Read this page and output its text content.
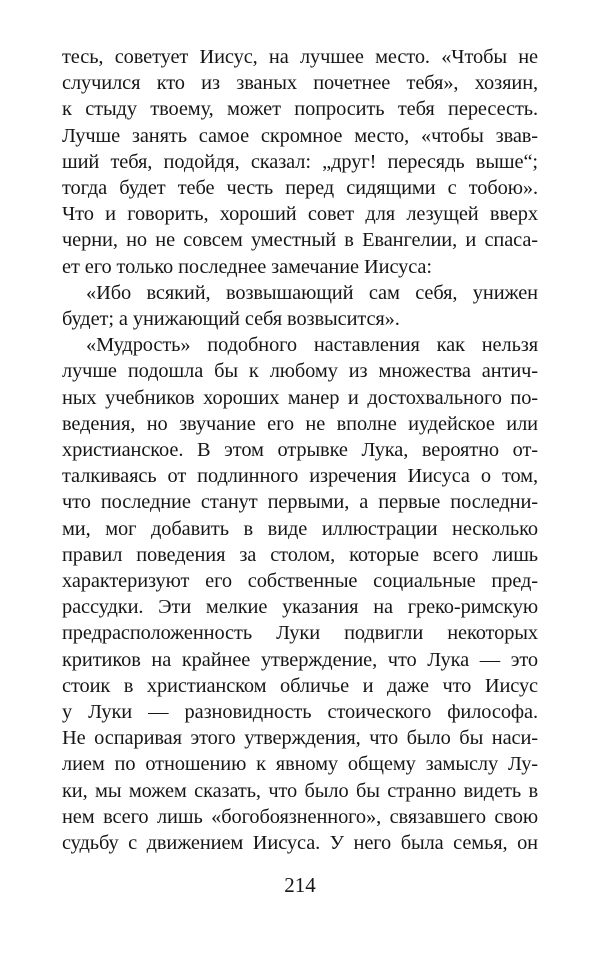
тесь, советует Иисус, на лучшее место. «Чтобы не
случился кто из званых почетнее тебя», хозяин,
к стыду твоему, может попросить тебя пересесть.
Лучше занять самое скромное место, «чтобы звав-
ший тебя, подойдя, сказал: „друг! пересядь выше“;
тогда будет тебе честь перед сидящими с тобою».
Что и говорить, хороший совет для лезущей вверх
черни, но не совсем уместный в Евангелии, и спаса-
ет его только последнее замечание Иисуса:
«Ибо всякий, возвышающий сам себя, унижен
будет; а унижающий себя возвысится».
«Мудрость» подобного наставления как нельзя
лучше подошла бы к любому из множества антич-
ных учебников хороших манер и достохвального по-
ведения, но звучание его не вполне иудейское или
христианское. В этом отрывке Лука, вероятно от-
талкиваясь от подлинного изречения Иисуса о том,
что последние станут первыми, а первые последни-
ми, мог добавить в виде иллюстрации несколько
правил поведения за столом, которые всего лишь
характеризуют его собственные социальные пред-
рассудки. Эти мелкие указания на греко-римскую
предрасположенность Луки подвигли некоторых
критиков на крайнее утверждение, что Лука — это
стоик в христианском обличье и даже что Иисус
у Луки — разновидность стоического философа.
Не оспаривая этого утверждения, что было бы наси-
лием по отношению к явному общему замыслу Лу-
ки, мы можем сказать, что было бы странно видеть в
нем всего лишь «богобоязненного», связавшего свою
судьбу с движением Иисуса. У него была семья, он
214
